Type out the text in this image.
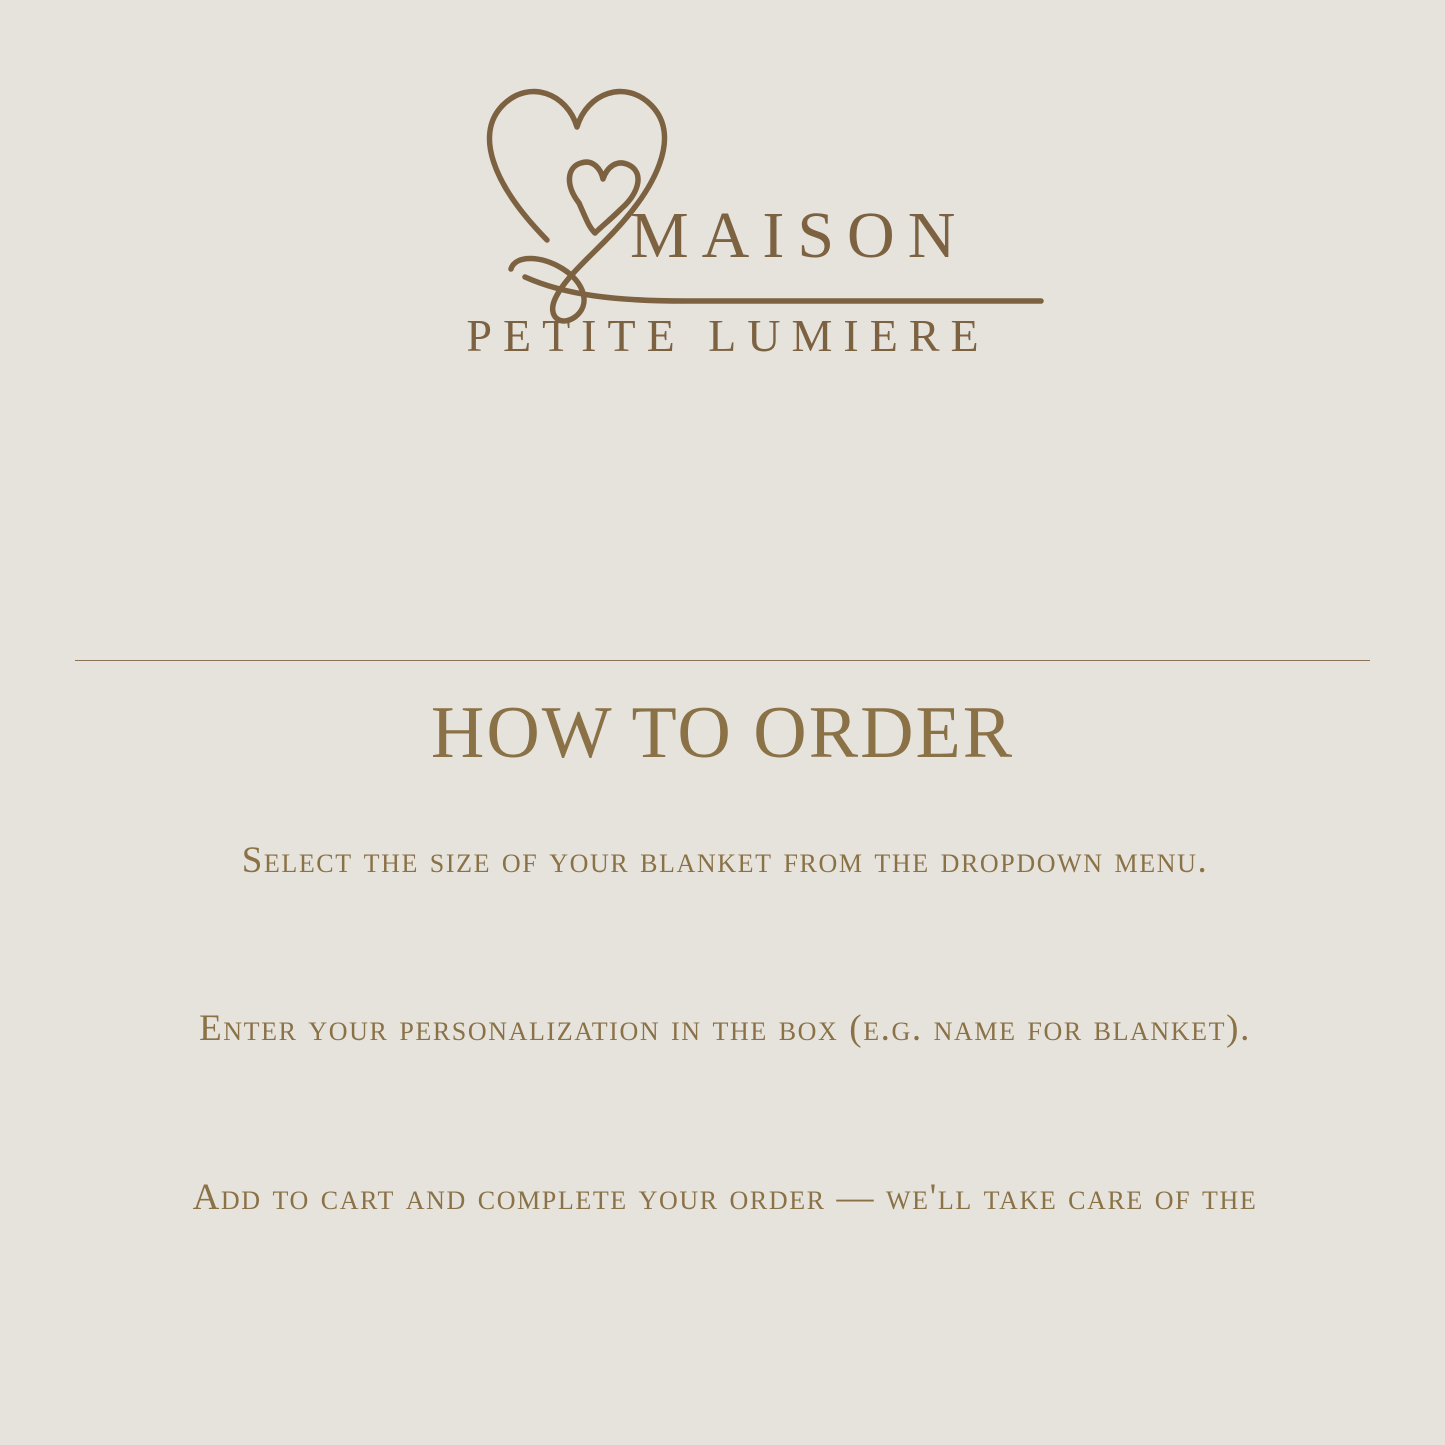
MAISON
PETITE LUMIERE
HOW TO ORDER
Select the size of your blanket from the dropdown menu.
Enter your personalization in the box (e.g. name for blanket).
Add to cart and complete your order — we'll take care of the
